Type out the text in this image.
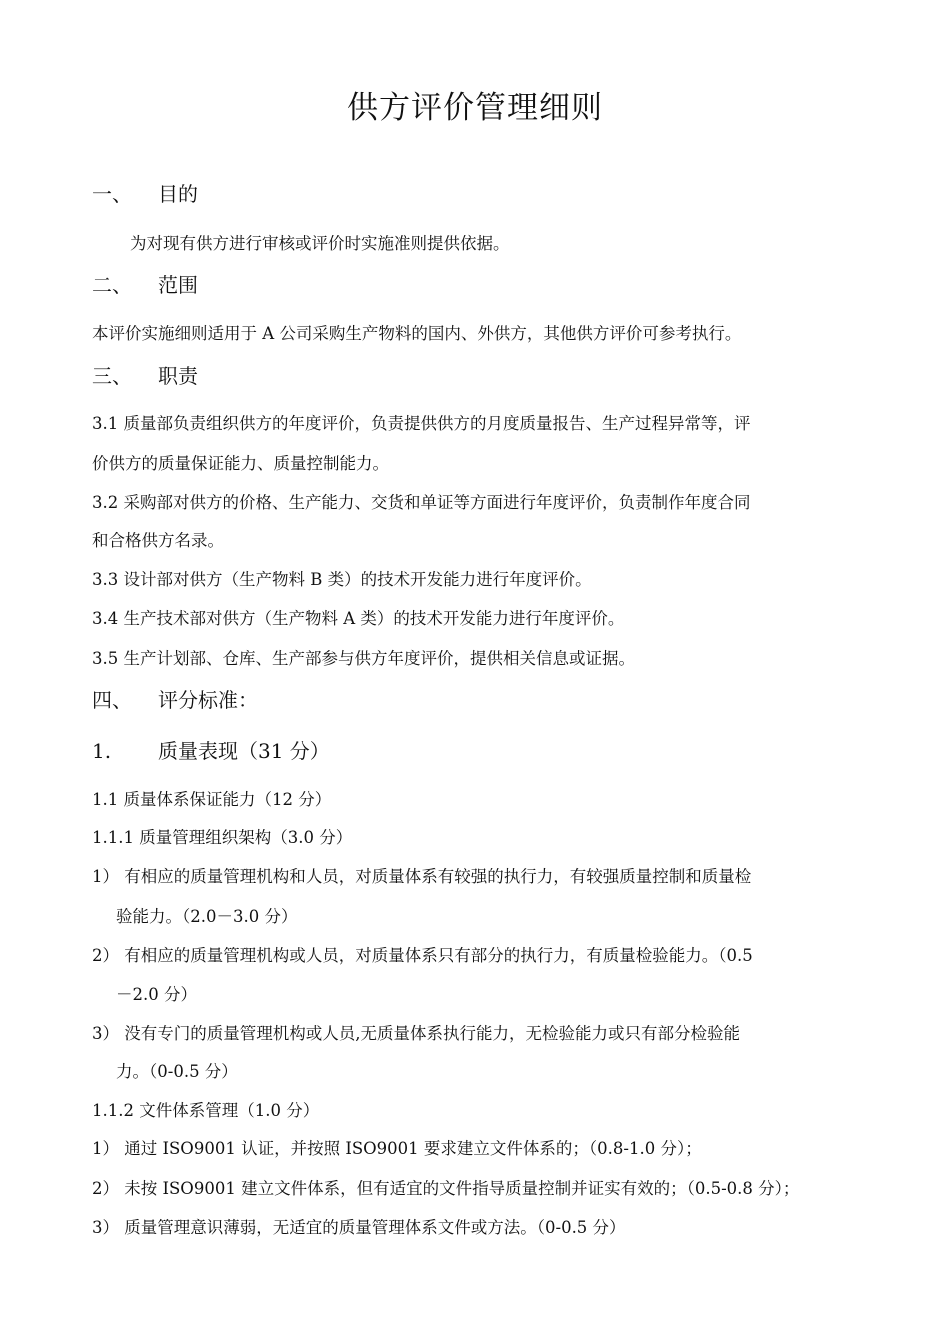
供方评价管理细则
一、 目的
为对现有供方进行审核或评价时实施准则提供依据。
二、 范围
本评价实施细则适用于 A 公司采购生产物料的国内、外供方，其他供方评价可参考执行。
三、 职责
3.1 质量部负责组织供方的年度评价，负责提供供方的月度质量报告、生产过程异常等，评
价供方的质量保证能力、质量控制能力。
3.2 采购部对供方的价格、生产能力、交货和单证等方面进行年度评价，负责制作年度合同
和合格供方名录。
3.3 设计部对供方（生产物料 B 类）的技术开发能力进行年度评价。
3.4 生产技术部对供方（生产物料 A 类）的技术开发能力进行年度评价。
3.5 生产计划部、仓库、生产部参与供方年度评价，提供相关信息或证据。
四、 评分标准：
1. 质量表现（31 分）
1.1 质量体系保证能力（12 分）
1.1.1 质量管理组织架构（3.0 分）
1） 有相应的质量管理机构和人员，对质量体系有较强的执行力，有较强质量控制和质量检
验能力。（2.0－3.0 分）
2） 有相应的质量管理机构或人员，对质量体系只有部分的执行力，有质量检验能力。（0.5
－2.0 分）
3） 没有专门的质量管理机构或人员,无质量体系执行能力，无检验能力或只有部分检验能
力。（0-0.5 分）
1.1.2 文件体系管理（1.0 分）
1） 通过 ISO9001 认证，并按照 ISO9001 要求建立文件体系的；（0.8-1.0 分）；
2） 未按 ISO9001 建立文件体系，但有适宜的文件指导质量控制并证实有效的；（0.5-0.8 分）；
3） 质量管理意识薄弱，无适宜的质量管理体系文件或方法。（0-0.5 分）
